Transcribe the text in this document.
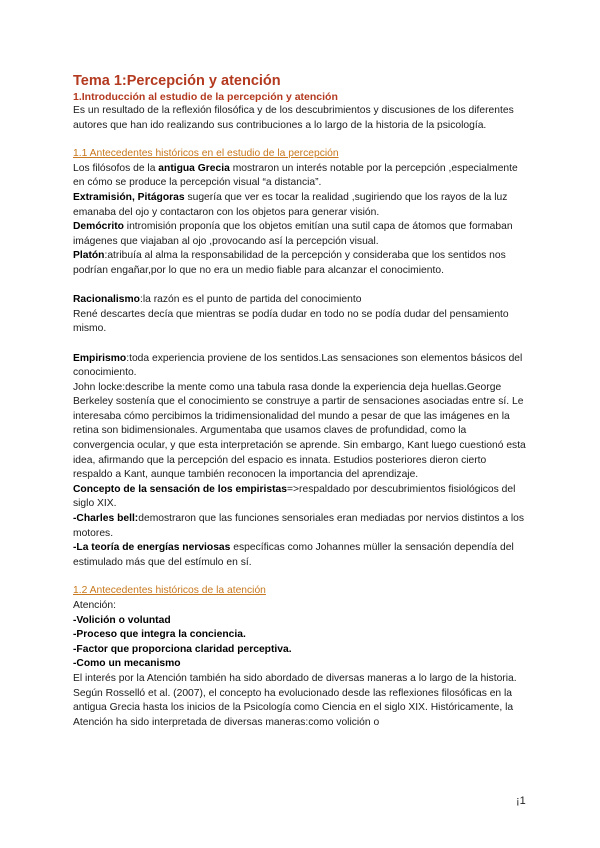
Tema 1:Percepción y atención
1.Introducción al estudio de la percepción y atención

Es un resultado de la reflexión filosófica y de los descubrimientos y discusiones de los diferentes autores que han ido realizando sus contribuciones a lo largo de la historia de la psicología.

1.1 Antecedentes históricos en el estudio de la percepción

Los filósofos de la antigua Grecia mostraron un interés notable por la percepción ,especialmente en cómo se produce la percepción visual “a distancia”.

Extramisión, Pitágoras sugería que ver es tocar la realidad ,sugiriendo que los rayos de la luz emanaba del ojo y contactaron con los objetos para generar visión.

Demócrito intromisión proponía que los objetos emitían una sutil capa de átomos que formaban imágenes que viajaban al ojo ,provocando así la percepción visual.

Platón:atribuía al alma la responsabilidad de la percepción y consideraba que los sentidos nos podrían engañar,por lo que no era un medio fiable para alcanzar el conocimiento.

Racionalismo:la razón es el punto de partida del conocimiento

René descartes decía que mientras se podía dudar en todo no se podía dudar del pensamiento mismo.

Empirismo:toda experiencia proviene de los sentidos.Las sensaciones son elementos básicos del conocimiento.

John locke:describe la mente como una tabula rasa donde la experiencia deja huellas.George Berkeley sostenía que el conocimiento se construye a partir de sensaciones asociadas entre sí. Le interesaba cómo percibimos la tridimensionalidad del mundo a pesar de que las imágenes en la retina son bidimensionales. Argumentaba que usamos claves de profundidad, como la convergencia ocular, y que esta interpretación se aprende. Sin embargo, Kant luego cuestionó esta idea, afirmando que la percepción del espacio es innata. Estudios posteriores dieron cierto respaldo a Kant, aunque también reconocen la importancia del aprendizaje.

Concepto de la sensación de los empiristas=>respaldado por descubrimientos fisiológicos del siglo XIX.

-Charles bell:demostraron que las funciones sensoriales eran mediadas por nervios distintos a los motores.

-La teoría de energías nerviosas específicas como Johannes müller la sensación dependía del estimulado más que del estímulo en sí.

1.2 Antecedentes históricos de la atención

Atención:

-Volición o voluntad

-Proceso que integra la conciencia.

-Factor que proporciona claridad perceptiva.

-Como un mecanismo

El interés por la Atención también ha sido abordado de diversas maneras a lo largo de la historia. Según Rosselló et al. (2007), el concepto ha evolucionado desde las reflexiones filosóficas en la antigua Grecia hasta los inicios de la Psicología como Ciencia en el siglo XIX. Históricamente, la Atención ha sido interpretada de diversas maneras:como volición o

¡1
